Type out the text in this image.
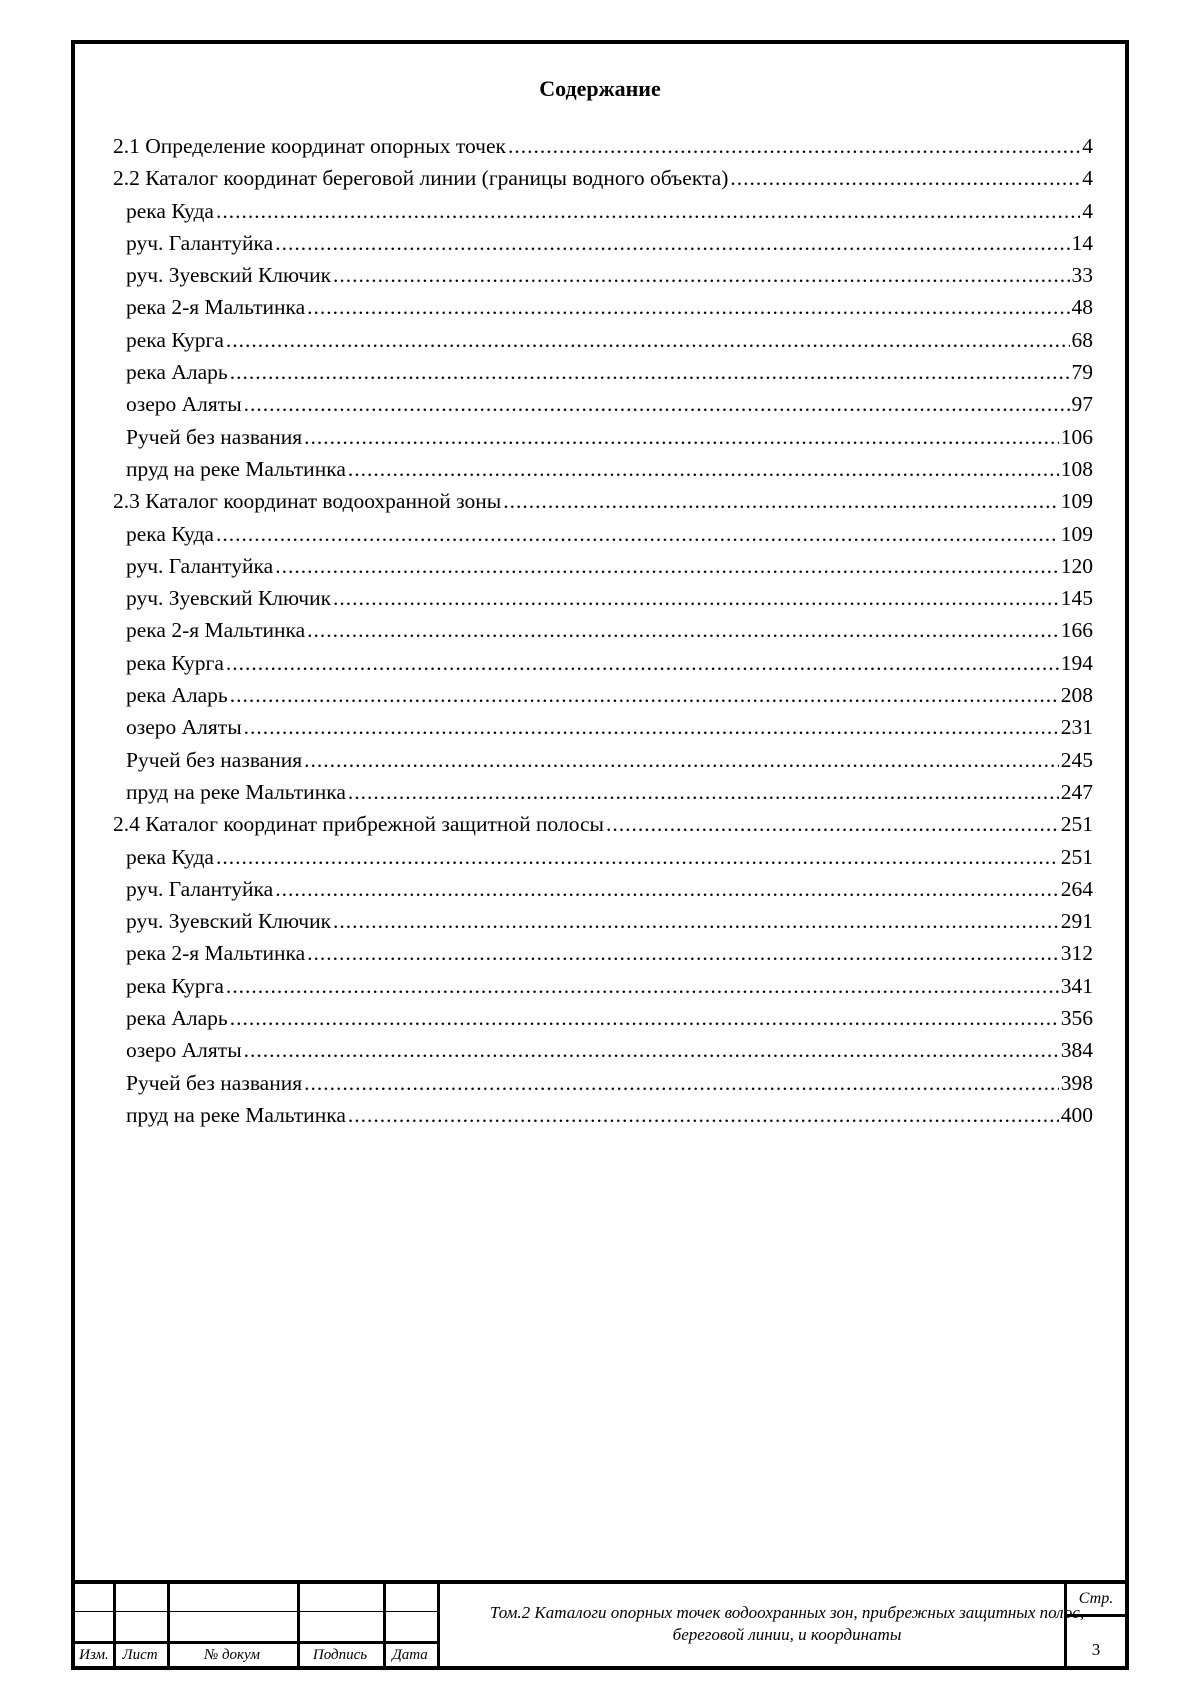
Содержание
2.1 Определение координат опорных точек .....	4
2.2 Каталог координат береговой линии (границы водного объекта) .....	4
река Куда .....	4
руч. Галантуйка .....	14
руч. Зуевский Ключик .....	33
река 2-я Мальтинка .....	48
река Курга .....	68
река Аларь .....	79
озеро Аляты .....	97
Ручей без названия .....	106
пруд на реке Мальтинка .....	108
2.3 Каталог координат водоохранной зоны .....	109
река Куда .....	109
руч. Галантуйка .....	120
руч. Зуевский Ключик .....	145
река 2-я Мальтинка .....	166
река Курга .....	194
река Аларь .....	208
озеро Аляты .....	231
Ручей без названия .....	245
пруд на реке Мальтинка .....	247
2.4 Каталог координат прибрежной защитной полосы .....	251
река Куда .....	251
руч. Галантуйка .....	264
руч. Зуевский Ключик .....	291
река 2-я Мальтинка .....	312
река Курга .....	341
река Аларь .....	356
озеро Аляты .....	384
Ручей без названия .....	398
пруд на реке Мальтинка .....	400
Изм. Лист	№ докум	Подпись	Дата
Том.2 Каталоги опорных точек водоохранных зон, прибрежных защитных полос, береговой линии, и координаты
Стр.
3
